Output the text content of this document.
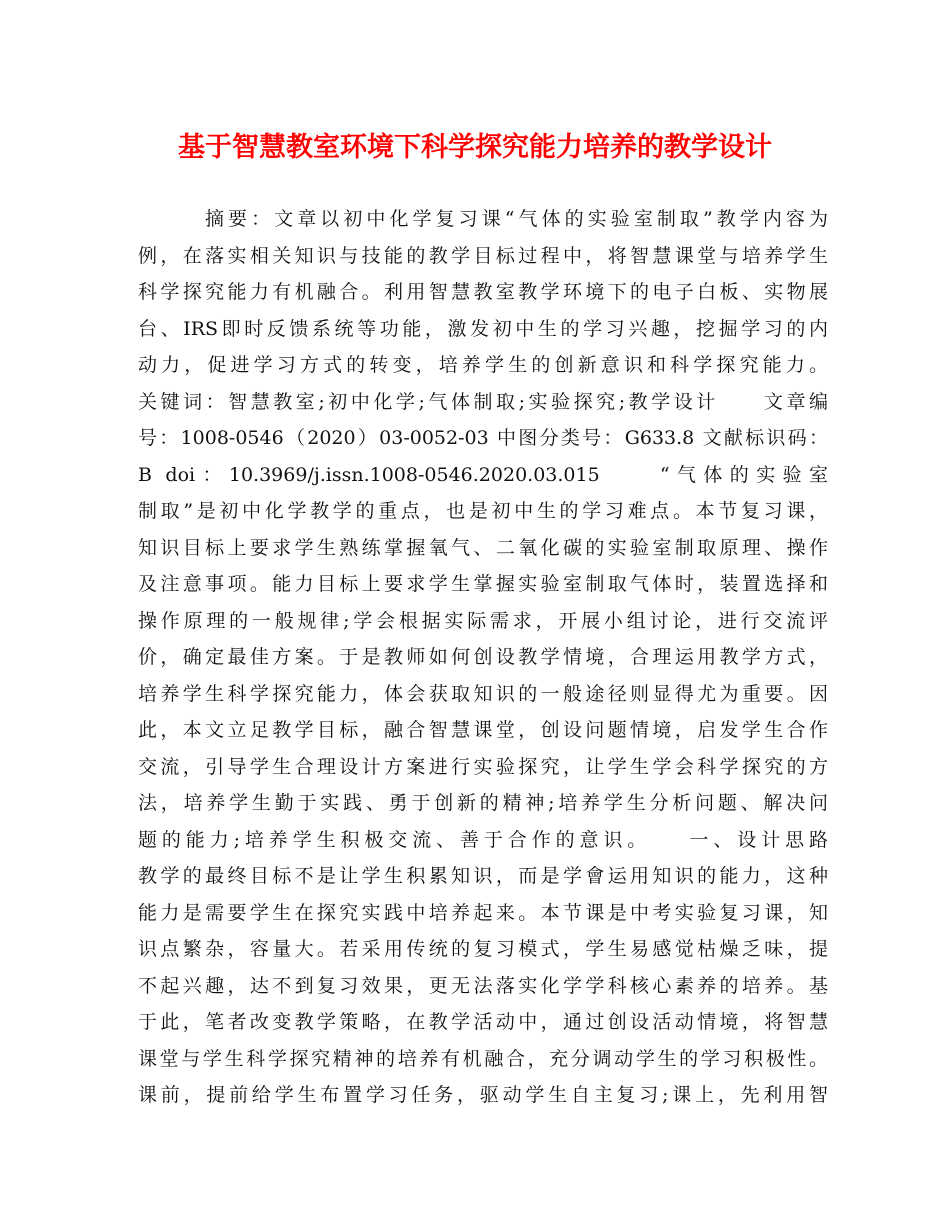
基于智慧教室环境下科学探究能力培养的教学设计
摘要：文章以初中化学复习课“气体的实验室制取”教学内容为
例，在落实相关知识与技能的教学目标过程中，将智慧课堂与培养学生
科学探究能力有机融合。利用智慧教室教学环境下的电子白板、实物展
台、IRS即时反馈系统等功能，激发初中生的学习兴趣，挖掘学习的内
动力，促进学习方式的转变，培养学生的创新意识和科学探究能力。
关键词：智慧教室;初中化学;气体制取;实验探究;教学设计　　文章编
号：1008-0546（2020）03-0052-03 中图分类号：G633.8 文献标识码：
B doi：10.3969/j.issn.1008-0546.2020.03.015　　“气体的实验室
制取”是初中化学教学的重点，也是初中生的学习难点。本节复习课，
知识目标上要求学生熟练掌握氧气、二氧化碳的实验室制取原理、操作
及注意事项。能力目标上要求学生掌握实验室制取气体时，装置选择和
操作原理的一般规律;学会根据实际需求，开展小组讨论，进行交流评
价，确定最佳方案。于是教师如何创设教学情境，合理运用教学方式，
培养学生科学探究能力，体会获取知识的一般途径则显得尤为重要。因
此，本文立足教学目标，融合智慧课堂，创设问题情境，启发学生合作
交流，引导学生合理设计方案进行实验探究，让学生学会科学探究的方
法，培养学生勤于实践、勇于创新的精神;培养学生分析问题、解决问
题的能力;培养学生积极交流、善于合作的意识。　　一、设计思路
教学的最终目标不是让学生积累知识，而是学會运用知识的能力，这种
能力是需要学生在探究实践中培养起来。本节课是中考实验复习课，知
识点繁杂，容量大。若采用传统的复习模式，学生易感觉枯燥乏味，提
不起兴趣，达不到复习效果，更无法落实化学学科核心素养的培养。基
于此，笔者改变教学策略，在教学活动中，通过创设活动情境，将智慧
课堂与学生科学探究精神的培养有机融合，充分调动学生的学习积极性。
课前，提前给学生布置学习任务，驱动学生自主复习;课上，先利用智
